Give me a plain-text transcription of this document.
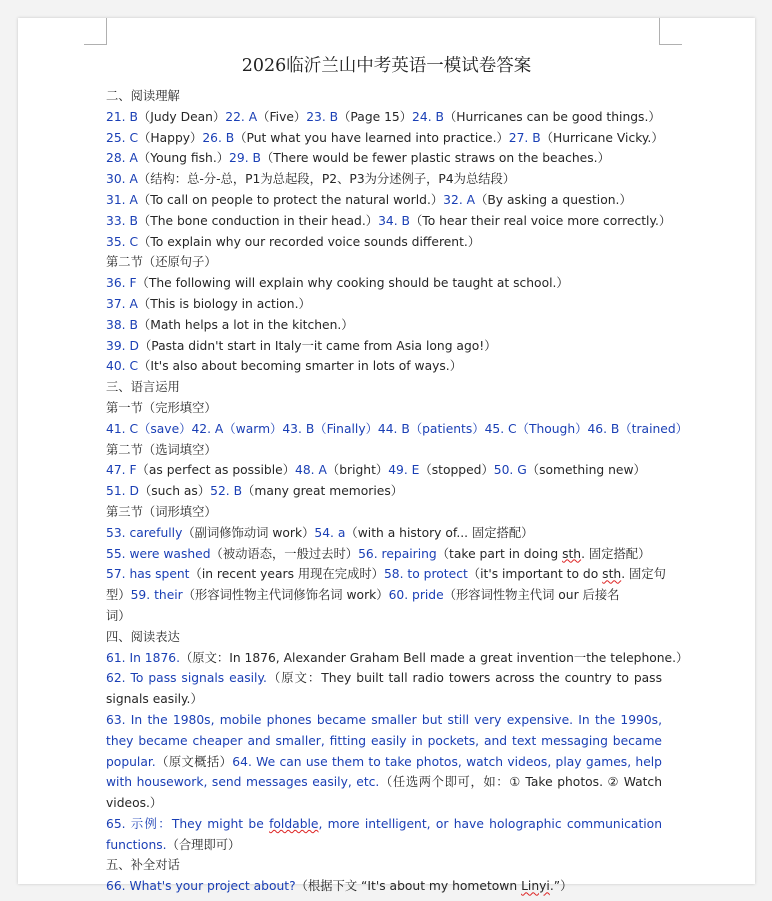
2026临沂兰山中考英语一模试卷答案
二、阅读理解
21. B（Judy Dean）22. A（Five）23. B（Page 15）24. B（Hurricanes can be good things.）
25. C（Happy）26. B（Put what you have learned into practice.）27. B（Hurricane Vicky.）
28. A（Young fish.）29. B（There would be fewer plastic straws on the beaches.）
30. A（结构：总-分-总，P1为总起段，P2、P3为分述例子，P4为总结段）
31. A（To call on people to protect the natural world.）32. A（By asking a question.）
33. B（The bone conduction in their head.）34. B（To hear their real voice more correctly.）
35. C（To explain why our recorded voice sounds different.）
第二节（还原句子）
36. F（The following will explain why cooking should be taught at school.）
37. A（This is biology in action.）
38. B（Math helps a lot in the kitchen.）
39. D（Pasta didn't start in Italy一it came from Asia long ago!）
40. C（It's also about becoming smarter in lots of ways.）
三、语言运用
第一节（完形填空）
41. C（save）42. A（warm）43. B（Finally）44. B（patients）45. C（Though）46. B（trained）
第二节（选词填空）
47. F（as perfect as possible）48. A（bright）49. E（stopped）50. G（something new）
51. D（such as）52. B（many great memories）
第三节（词形填空）
53. carefully（副词修饰动词 work）54. a（with a history of... 固定搭配）
55. were washed（被动语态，一般过去时）56. repairing（take part in doing sth. 固定搭配）
57. has spent（in recent years 用现在完成时）58. to protect（it's important to do sth. 固定句
型）59. their（形容词性物主代词修饰名词 work）60. pride（形容词性物主代词 our 后接名
词）
四、阅读表达
61. In 1876.（原文：In 1876, Alexander Graham Bell made a great invention一the telephone.）
62. To pass signals easily.（原文：They built tall radio towers across the country to pass signals easily.）
63. In the 1980s, mobile phones became smaller but still very expensive. In the 1990s, they became cheaper and smaller, fitting easily in pockets, and text messaging became popular.（原文概括）64. We can use them to take photos, watch videos, play games, help with housework, send messages easily, etc.（任选两个即可，如：① Take photos. ② Watch videos.）
65. 示例：They might be foldable, more intelligent, or have holographic communication functions.（合理即可）
五、补全对话
66. What's your project about?（根据下文 “It's about my hometown Linyi.”）
